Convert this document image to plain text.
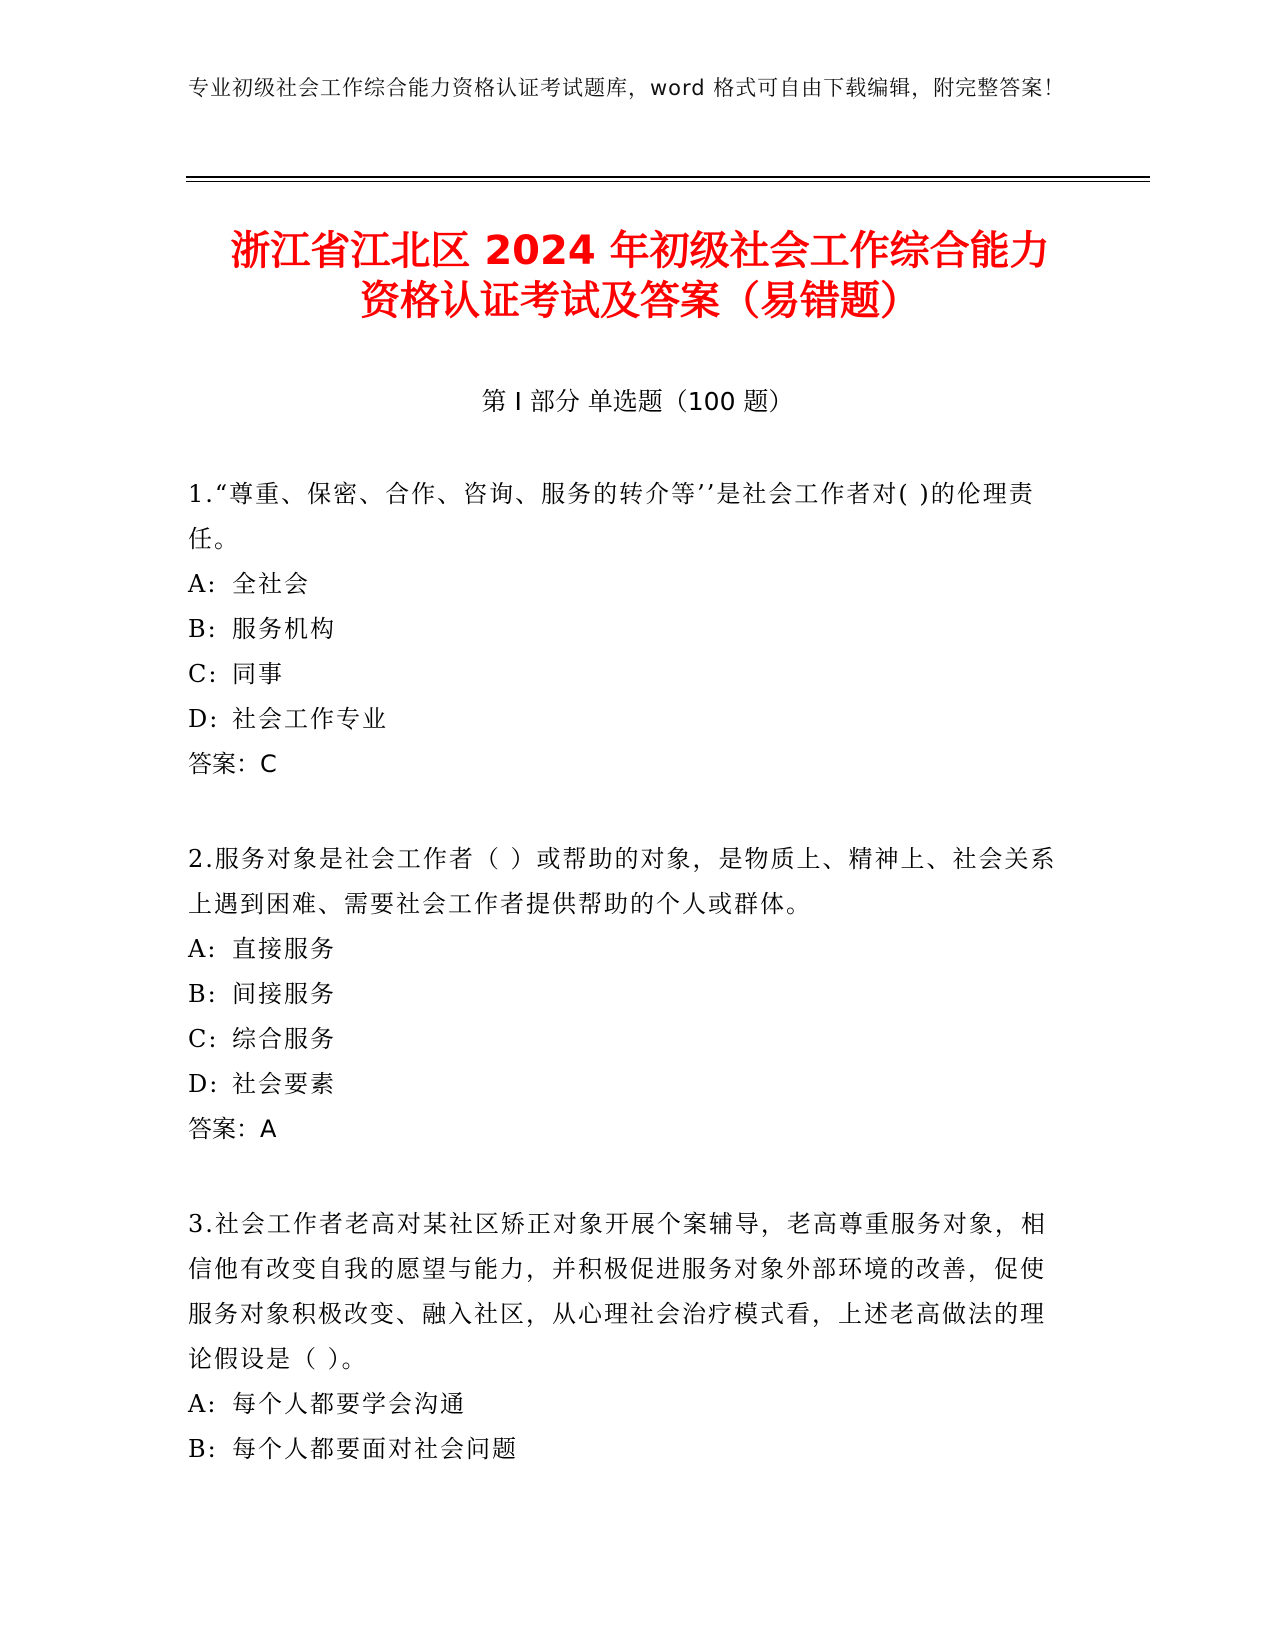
专业初级社会工作综合能力资格认证考试题库，word 格式可自由下载编辑，附完整答案！
浙江省江北区 2024 年初级社会工作综合能力
资格认证考试及答案（易错题）
第 I 部分 单选题（100 题）

1.“尊重、保密、合作、咨询、服务的转介等’’是社会工作者对( )的伦理责任。

A: 全社会

B: 服务机构

C: 同事

D: 社会工作专业

答案：C

2.服务对象是社会工作者（ ）或帮助的对象，是物质上、精神上、社会关系上遇到困难、需要社会工作者提供帮助的个人或群体。

A: 直接服务

B: 间接服务

C: 综合服务

D: 社会要素

答案：A

3.社会工作者老高对某社区矫正对象开展个案辅导，老高尊重服务对象，相信他有改变自我的愿望与能力，并积极促进服务对象外部环境的改善，促使服务对象积极改变、融入社区，从心理社会治疗模式看，上述老高做法的理论假设是（ ）。

A: 每个人都要学会沟通

B: 每个人都要面对社会问题
